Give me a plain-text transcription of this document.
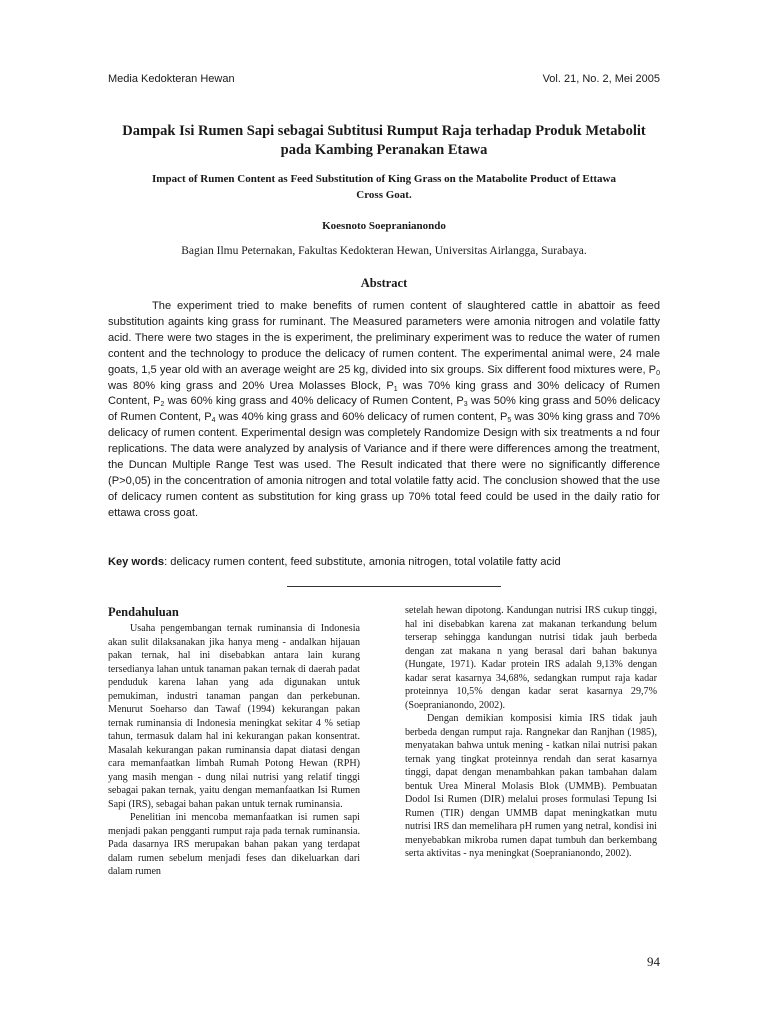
Media Kedokteran Hewan	Vol. 21, No. 2, Mei 2005
Dampak Isi Rumen Sapi sebagai Subtitusi Rumput Raja terhadap Produk Metabolit pada Kambing Peranakan Etawa
Impact of Rumen Content as Feed Substitution of King Grass on the Matabolite Product of Ettawa Cross Goat.
Koesnoto Soepranianondo
Bagian Ilmu Peternakan, Fakultas Kedokteran Hewan, Universitas Airlangga, Surabaya.
Abstract

The experiment tried to make benefits of rumen content of slaughtered cattle in abattoir as feed substitution againts king grass for ruminant. The Measured parameters were amonia nitrogen and volatile fatty acid. There were two stages in the is experiment, the preliminary experiment was to reduce the water of rumen content and the technology to produce the delicacy of rumen content. The experimental animal were, 24 male goats, 1,5 year old with an average weight are 25 kg, divided into six groups. Six different food mixtures were, $P_0$ was 80% king grass and 20% Urea Molasses Block, $P_1$ was 70% king grass and 30% delicacy of Rumen Content, $P_2$ was 60% king grass and 40% delicacy of Rumen Content, $P_3$ was 50% king grass and 50% delicacy of Rumen Content, $P_4$ was 40% king grass and 60% delicacy of rumen content, $P_5$ was 30% king grass and 70% delicacy of rumen content. Experimental design was completely Randomize Design with six treatments a nd four replications. The data were analyzed by analysis of Variance and if there were differences among the treatment, the Duncan Multiple Range Test was used. The Result indicated that there were no significantly difference (P>0,05) in the concentration of amonia nitrogen and total volatile fatty acid. The conclusion showed that the use of delicacy rumen content as substitution for king grass up 70% total feed could be used in the daily ratio for ettawa cross goat.

Key words: delicacy rumen content, feed substitute, amonia nitrogen, total volatile fatty acid
Pendahuluan

Usaha pengembangan ternak ruminansia di Indonesia akan sulit dilaksanakan jika hanya meng - andalkan hijauan pakan ternak, hal ini disebabkan antara lain kurang tersedianya lahan untuk tanaman pakan ternak di daerah padat penduduk karena lahan yang ada digunakan untuk pemukiman, industri tanaman pangan dan perkebunan. Menurut Soeharso dan Tawaf (1994) kekurangan pakan ternak ruminansia di Indonesia meningkat sekitar 4 % setiap tahun, termasuk dalam hal ini kekurangan pakan konsentrat. Masalah kekurangan pakan ruminansia dapat diatasi dengan cara memanfaatkan limbah Rumah Potong Hewan (RPH) yang masih mengan - dung nilai nutrisi yang relatif tinggi sebagai pakan ternak, yaitu dengan memanfaatkan Isi Rumen Sapi (IRS), sebagai bahan pakan untuk ternak ruminansia.

Penelitian ini mencoba memanfaatkan isi rumen sapi menjadi pakan pengganti rumput raja pada ternak ruminansia. Pada dasarnya IRS merupakan bahan pakan yang terdapat dalam rumen sebelum menjadi feses dan dikeluarkan dari dalam rumen

setelah hewan dipotong. Kandungan nutrisi IRS cukup tinggi, hal ini disebabkan karena zat makanan terkandung belum terserap sehingga kandungan nutrisi tidak jauh berbeda dengan zat makana n yang berasal dari bahan bakunya (Hungate, 1971). Kadar protein IRS adalah 9,13% dengan kadar serat kasarnya 34,68%, sedangkan rumput raja kadar proteinnya 10,5% dengan kadar serat kasarnya 29,7% (Soepranianondo, 2002).

Dengan demikian komposisi kimia IRS tidak jauh berbeda dengan rumput raja. Rangnekar dan Ranjhan (1985), menyatakan bahwa untuk mening - katkan nilai nutrisi pakan ternak yang tingkat proteinnya rendah dan serat kasarnya tinggi, dapat dengan menambahkan pakan tambahan dalam bentuk Urea Mineral Molasis Blok (UMMB). Pembuatan Dodol Isi Rumen (DIR) melalui proses formulasi Tepung Isi Rumen (TIR) dengan UMMB dapat meningkatkan mutu nutrisi IRS dan memelihara pH rumen yang netral, kondisi ini menyebabkan mikroba rumen dapat tumbuh dan berkembang serta aktivitas - nya meningkat (Soepranianondo, 2002).

94
